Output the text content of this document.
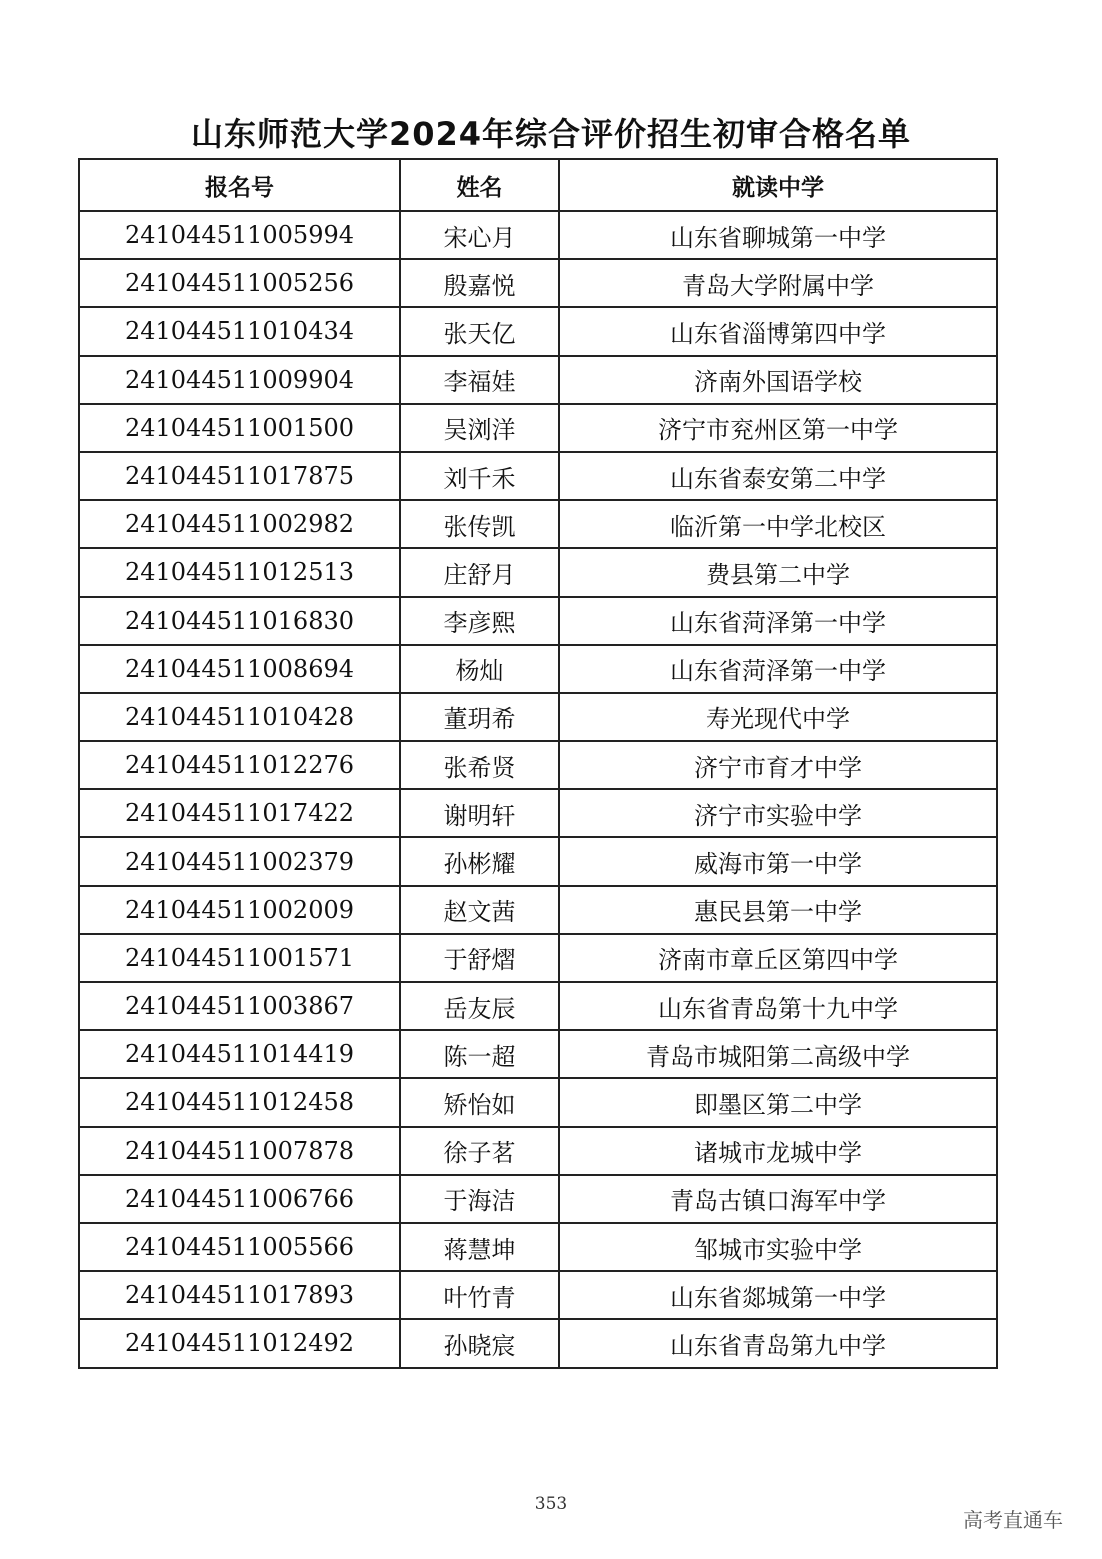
山东师范大学2024年综合评价招生初审合格名单
报名号	姓名	就读中学
241044511005994	宋心月	山东省聊城第一中学
241044511005256	殷嘉悦	青岛大学附属中学
241044511010434	张天亿	山东省淄博第四中学
241044511009904	李福娃	济南外国语学校
241044511001500	吴浏洋	济宁市兖州区第一中学
241044511017875	刘千禾	山东省泰安第二中学
241044511002982	张传凯	临沂第一中学北校区
241044511012513	庄舒月	费县第二中学
241044511016830	李彦熙	山东省菏泽第一中学
241044511008694	杨灿	山东省菏泽第一中学
241044511010428	董玥希	寿光现代中学
241044511012276	张希贤	济宁市育才中学
241044511017422	谢明轩	济宁市实验中学
241044511002379	孙彬耀	威海市第一中学
241044511002009	赵文茜	惠民县第一中学
241044511001571	于舒熠	济南市章丘区第四中学
241044511003867	岳友辰	山东省青岛第十九中学
241044511014419	陈一超	青岛市城阳第二高级中学
241044511012458	矫怡如	即墨区第二中学
241044511007878	徐子茗	诸城市龙城中学
241044511006766	于海洁	青岛古镇口海军中学
241044511005566	蒋慧坤	邹城市实验中学
241044511017893	叶竹青	山东省郯城第一中学
241044511012492	孙晓宸	山东省青岛第九中学
353
高考直通车
